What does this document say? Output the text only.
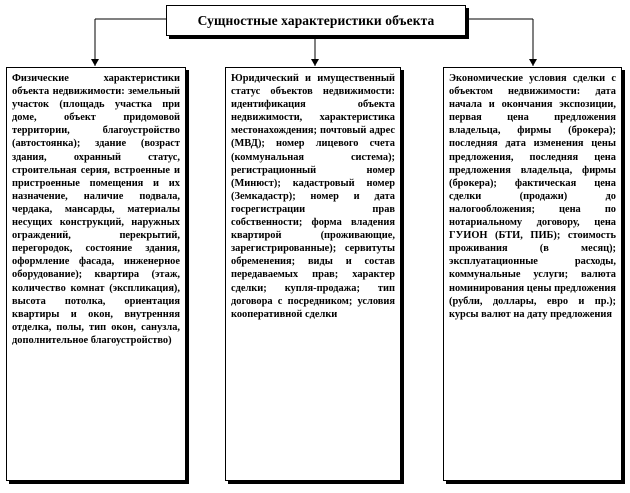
Сущностные характеристики объекта

Физические характеристики объекта недвижимости: земельный участок (площадь участка при доме, объект придомовой территории, благоустройство (автостоянка); здание (возраст здания, охранный статус, строительная серия, встроенные и пристроенные помещения и их назначение, наличие подвала, чердака, мансарды, материалы несущих конструкций, наружных ограждений, перекрытий, перегородок, состояние здания, оформление фасада, инженерное оборудование); квартира (этаж, количество комнат (экспликация), высота потолка, ориентация квартиры и окон, внутренняя отделка, полы, тип окон, санузла, дополнительное благоустройство)

Юридический и имущественный статус объектов недвижимости: идентификация объекта недвижимости, характеристика местонахождения; почтовый адрес (МВД); номер лицевого счета (коммунальная система); регистрационный номер (Минюст); кадастровый номер (Земкадастр); номер и дата госрегистрации прав собственности; форма владения квартирой (проживающие, зарегистрированные); сервитуты обременения; виды и состав передаваемых прав; характер сделки; купля-продажа; тип договора с посредником; условия кооперативной сделки

Экономические условия сделки с объектом недвижимости: дата начала и окончания экспозиции, первая цена предложения владельца, фирмы (брокера); последняя дата изменения цены предложения, последняя цена предложения владельца, фирмы (брокера); фактическая цена сделки (продажи) до налогообложения; цена по нотариальному договору, цена ГУИОН (БТИ, ПИБ); стоимость проживания (в месяц); эксплуатационные расходы, коммунальные услуги; валюта номинирования цены предложения (рубли, доллары, евро и пр.); курсы валют на дату предложения
